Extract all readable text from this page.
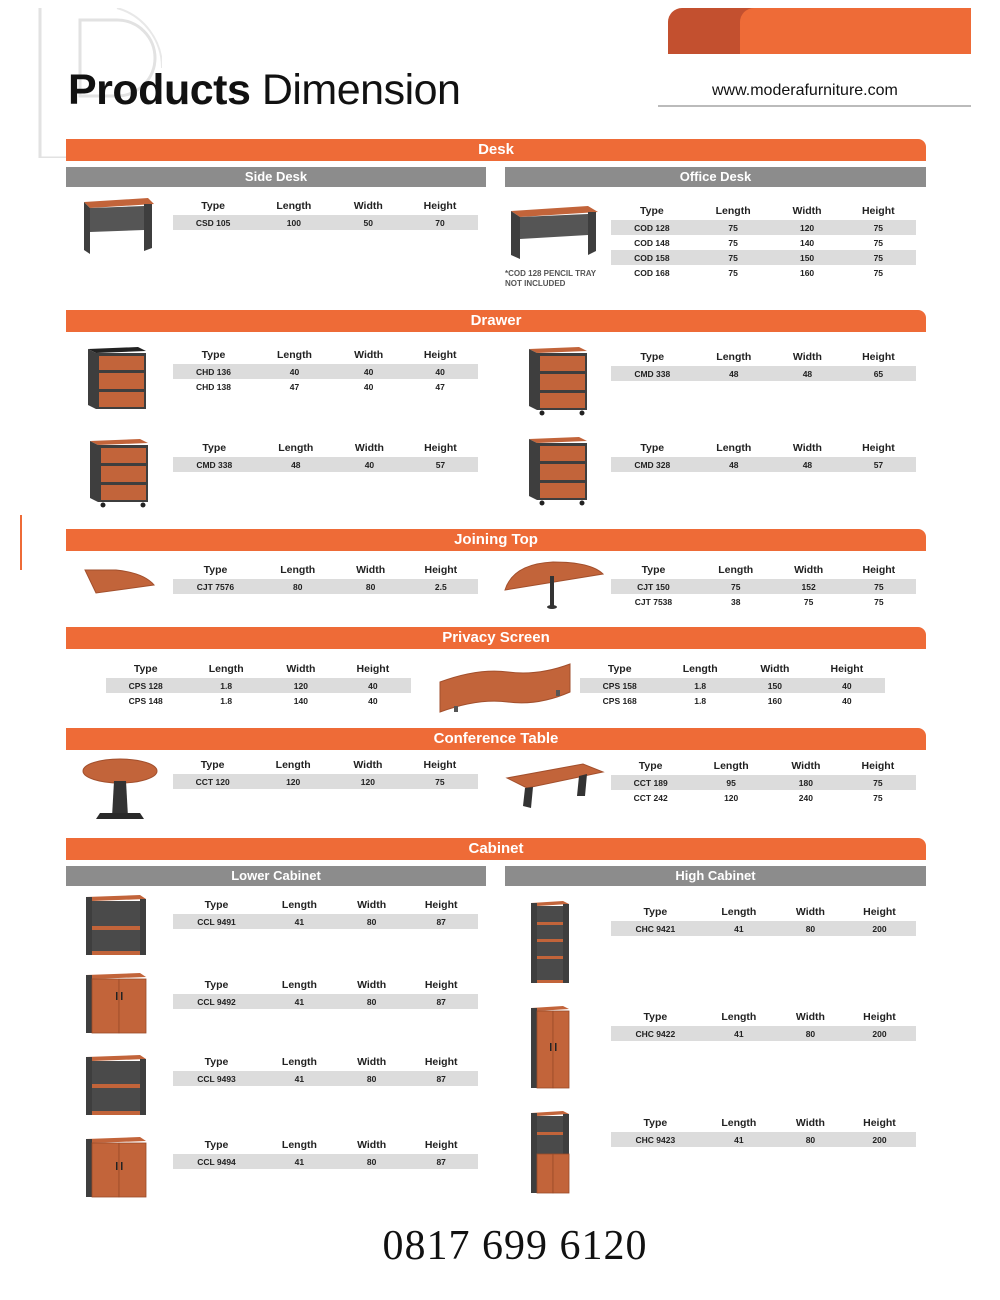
Products Dimension	www.moderafurniture.com
Desk
Side Desk	Office Desk
Type	Length	Width	Height
CSD 105	100	50	70
*COD 128 PENCIL TRAY
NOT INCLUDED
Type	Length	Width	Height
COD 128	75	120	75
COD 148	75	140	75
COD 158	75	150	75
COD 168	75	160	75
Drawer
Type	Length	Width	Height
CHD 136	40	40	40
CHD 138	47	40	47
Type	Length	Width	Height
CMD 338	48	48	65
Type	Length	Width	Height
CMD 338	48	40	57
Type	Length	Width	Height
CMD 328	48	48	57
Joining Top
Type	Length	Width	Height
CJT 7576	80	80	2.5
Type	Length	Width	Height
CJT 150	75	152	75
CJT 7538	38	75	75
Privacy Screen
Type	Length	Width	Height
CPS 128	1.8	120	40
CPS 148	1.8	140	40
Type	Length	Width	Height
CPS 158	1.8	150	40
CPS 168	1.8	160	40
Conference Table
Type	Length	Width	Height
CCT 120	120	120	75
Type	Length	Width	Height
CCT 189	95	180	75
CCT 242	120	240	75
Cabinet
Lower Cabinet	High Cabinet
Type	Length	Width	Height
CCL 9491	41	80	87
Type	Length	Width	Height
CCL 9492	41	80	87
Type	Length	Width	Height
CCL 9493	41	80	87
Type	Length	Width	Height
CCL 9494	41	80	87
Type	Length	Width	Height
CHC 9421	41	80	200
Type	Length	Width	Height
CHC 9422	41	80	200
Type	Length	Width	Height
CHC 9423	41	80	200
0817 699 6120
